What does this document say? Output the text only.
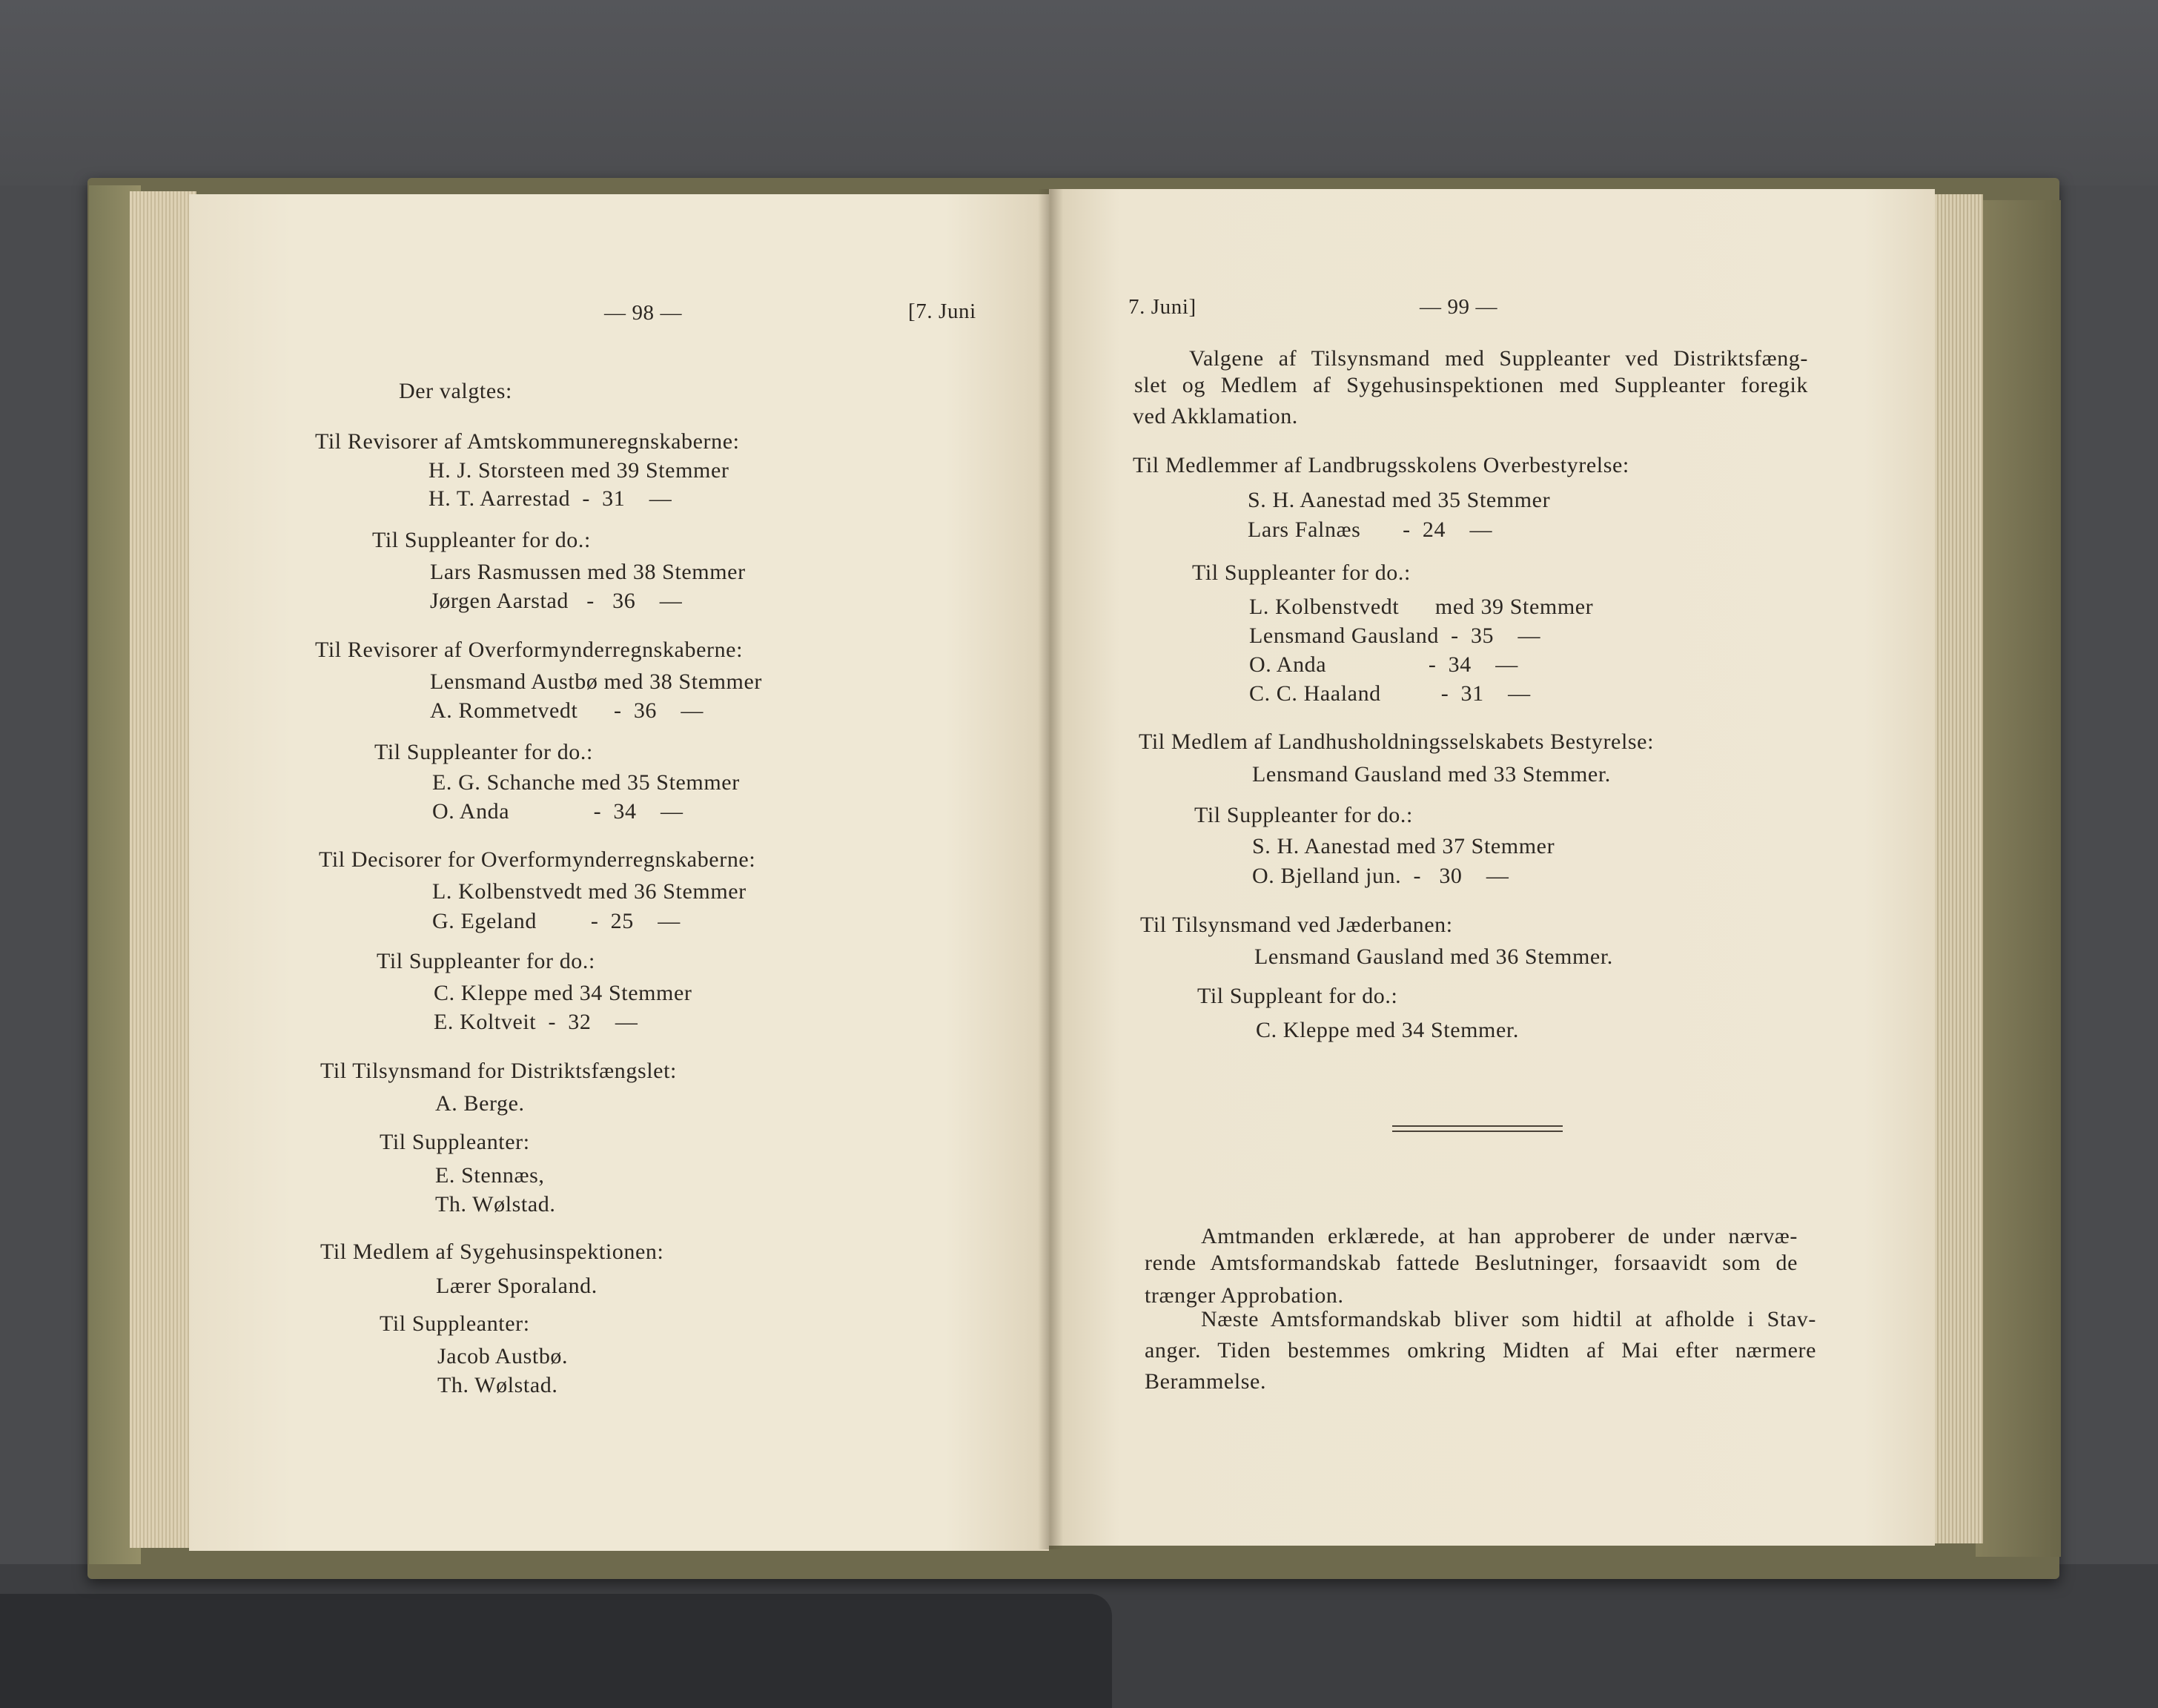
— 98 —	[7. Juni
Der valgtes:
Til Revisorer af Amtskommuneregnskaberne:
H. J. Storsteen med 39 Stemmer
H. T. Aarrestad  -  31    —
Til Suppleanter for do.:
Lars Rasmussen med 38 Stemmer
Jørgen Aarstad   -   36    —
Til Revisorer af Overformynderregnskaberne:
Lensmand Austbø med 38 Stemmer
A. Rommetvedt      -  36    —
Til Suppleanter for do.:
E. G. Schanche med 35 Stemmer
O. Anda              -  34    —
Til Decisorer for Overformynderregnskaberne:
L. Kolbenstvedt med 36 Stemmer
G. Egeland         -  25    —
Til Suppleanter for do.:
C. Kleppe med 34 Stemmer
E. Koltveit  -  32    —
Til Tilsynsmand for Distriktsfængslet:
A. Berge.
Til Suppleanter:
E. Stennæs,
Th. Wølstad.
Til Medlem af Sygehusinspektionen:
Lærer Sporaland.
Til Suppleanter:
Jacob Austbø.
Th. Wølstad.
7. Juni]	— 99 —
Valgene af Tilsynsmand med Suppleanter ved Distriktsfæng-
slet og Medlem af Sygehusinspektionen med Suppleanter foregik
ved Akklamation.
Til Medlemmer af Landbrugsskolens Overbestyrelse:
S. H. Aanestad med 35 Stemmer
Lars Falnæs       -  24    —
Til Suppleanter for do.:
L. Kolbenstvedt      med 39 Stemmer
Lensmand Gausland  -  35    —
O. Anda                 -  34    —
C. C. Haaland          -  31    —
Til Medlem af Landhusholdningsselskabets Bestyrelse:
Lensmand Gausland med 33 Stemmer.
Til Suppleanter for do.:
S. H. Aanestad med 37 Stemmer
O. Bjelland jun.  -   30    —
Til Tilsynsmand ved Jæderbanen:
Lensmand Gausland med 36 Stemmer.
Til Suppleant for do.:
C. Kleppe med 34 Stemmer.
Amtmanden erklærede, at han approberer de under nærvæ-
rende Amtsformandskab fattede Beslutninger, forsaavidt som de
trænger Approbation.
Næste Amtsformandskab bliver som hidtil at afholde i Stav-
anger. Tiden bestemmes omkring Midten af Mai efter nærmere
Berammelse.
